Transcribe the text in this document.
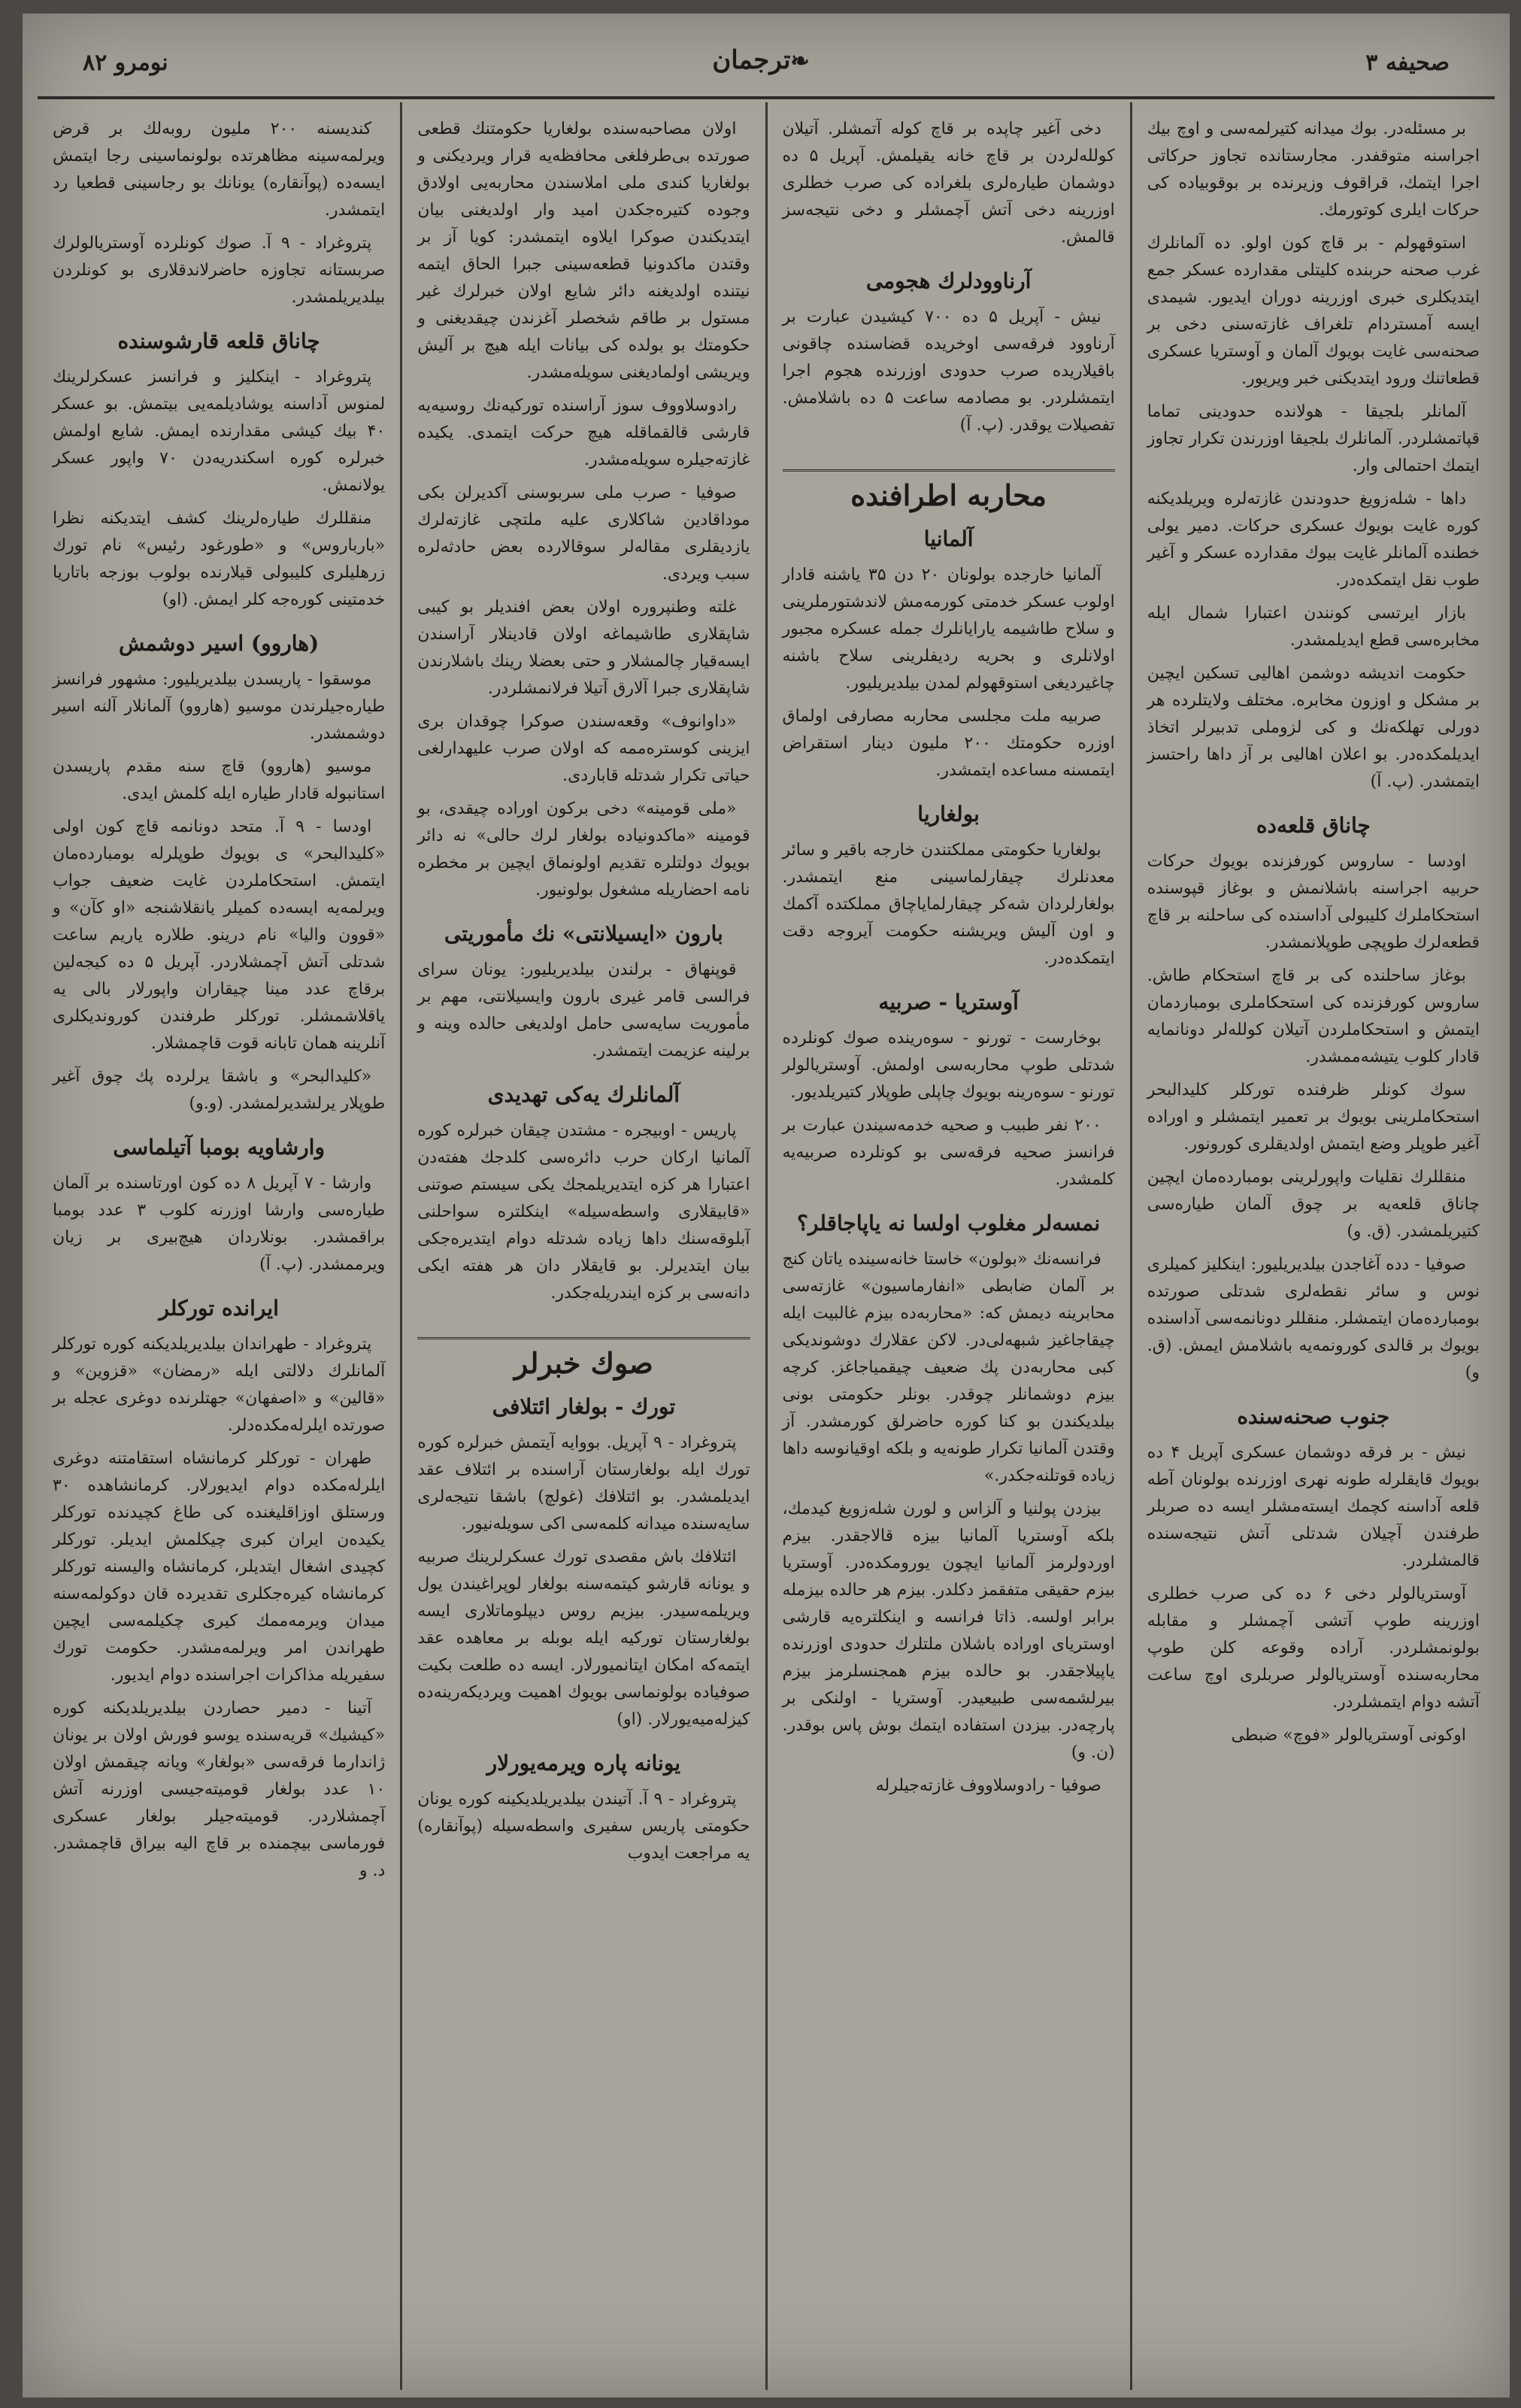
صحيفه ۳
❧ترجمان
نومرو ۸۲

بر مسئله‌در. بوك ميدانه كتيرلمه‌سى و اوچ بيك اجراسنه متوقفدر. مجارستانده تجاوز حركاتى اجرا ايتمك، قراقوف وزيرنده بر بوقوبياده كى حركات ايلرى كوتورمك.

استوقهولم - بر قاچ كون اولو. ده آلمانلرك غرب صحنه حربنده كليتلى مقدارده عسكر جمع ايتديكلرى خبرى اوزرينه دوران ايديور. شيمدى ايسه آمستردام تلغراف غازته‌سنى دخى بر صحنه‌سى غايت بويوك آلمان و آوستريا عسكرى قطعاتنك ورود ايتديكنى خبر ويريور.

آلمانلر بلجيقا - هولانده حدودينى تماما قپاتمشلردر. آلمانلرك بلجيقا اوزرندن تكرار تجاوز ايتمك احتمالى وار.

داها - شله‌زويغ حدودندن غازته‌لره ويريلديكنه كوره غايت بويوك عسكرى حركات. دمير يولى خطنده آلمانلر غايت بيوك مقدارده عسكر و آغير طوب نقل ايتمكده‌در.

بازار ايرتسى كونندن اعتبارا شمال ايله مخابره‌سى قطع ايديلمشدر.

حكومت انديشه دوشمن اهاليى تسكين ايچين بر مشكل و اوزون مخابره. مختلف ولايتلرده هر دورلى تهلكه‌نك و كى لزوملى تدبيرلر اتخاذ ايديلمكده‌در. بو اعلان اهاليى بر آز داها راحتسز ايتمشدر. (پ. آ)

چاناق قلعه‌ده

اودسا - ساروس كورفزنده بويوك حركات حربيه اجراسنه باشلانمش و بوغاز قپوسنده استحكاملرك كليبولى آداسنده كى ساحلنه بر قاچ قطعه‌لرك طوپچى طوپلانمشدر.

بوغاز ساحلنده كى بر قاچ استحكام طاش. ساروس كورفزنده كى استحكاملرى بومباردمان ايتمش و استحكاملردن آتيلان كولله‌لر دونانمايه قادار كلوب يتيشه‌ممشدر.

سوك كونلر ظرفنده توركلر كليدالبحر استحكاملرينى بويوك بر تعمير ايتمشلر و اوراده آغير طوپلر وضع ايتمش اولديقلرى كورونور.

منقللرك نقليات واپورلرينى بومبارده‌مان ايچين چاناق قلعه‌يه بر چوق آلمان طياره‌سى كتيريلمشدر. (ق. و)

صوفيا - دده آغاجدن بيلديريليور: اينكليز كميلرى نوس و سائر نقطه‌لرى شدتلى صورتده بومبارده‌مان ايتمشلر. منقللر دونانمه‌سى آداسنده بويوك بر قالدى كورونمه‌يه باشلامش ايمش. (ق. و)

جنوب صحنه‌سنده

نيش - بر فرقه دوشمان عسكرى آپريل ۴ ده بويوك قايقلرله طونه نهرى اوزرنده بولونان آطه قلعه آداسنه كچمك ايسته‌مشلر ايسه ده صربلر طرفندن آچيلان شدتلى آتش نتيجه‌سنده قالمشلردر.

آوستريالولر دخى ۶ ده كى صرب خطلرى اوزرينه طوپ آتشى آچمشلر و مقابله بولونمشلردر. آراده وقوعه كلن طوپ محاربه‌سنده آوستريالولر صربلرى اوچ ساعت آتشه دوام ايتمشلردر.

اوكونى آوستريالولر «فوچ» ضبطى

دخى آغير چاپده بر قاچ كوله آتمشلر. آتيلان كولله‌لردن بر قاچ خانه يقيلمش. آپريل ۵ ده دوشمان طياره‌لرى بلغراده كى صرب خطلرى اوزرينه دخى آتش آچمشلر و دخى نتيجه‌سز قالمش.

آرناوودلرك هجومى

نيش - آپريل ۵ ده ۷۰۰ كيشيدن عبارت بر آرناوود فرقه‌سى اوخريده قضاسنده چاقونى باقيلاريده صرب حدودى اوزرنده هجوم اجرا ايتمشلردر. بو مصادمه ساعت ۵ ده باشلامش. تفصيلات يوقدر. (پ. آ)

محاربه اطرافنده
آلمانيا

آلمانيا خارجده بولونان ۲۰ دن ۳۵ ياشنه قادار اولوب عسكر خدمتى كورمه‌مش لاندشتورملرينى و سلاح طاشيمه يارايانلرك جمله عسكره مجبور اولانلرى و بحريه رديفلرينى سلاح باشنه چاغيرديغى استوقهولم لمدن بيلديريليور.

صربيه ملت مجلسى محاربه مصارفى اولماق اوزره حكومتك ۲۰۰ مليون دينار استقراض ايتمسنه مساعده ايتمشدر.

بولغاريا

بولغاريا حكومتى مملكتندن خارجه باقير و سائر معدنلرك چيقارلماسينى منع ايتمشدر. بولغارلردان شه‌كر چيقارلماياچاق مملكتده آكمك و اون آليش ويريشنه حكومت آيروجه دقت ايتمكده‌در.

آوستريا - صربيه

بوخارست - تورنو - سوه‌رينده صوك كونلرده شدتلى طوپ محاربه‌سى اولمش. آوستريالولر تورنو - سوه‌رينه بويوك چاپلى طوپلار كتيريلديور.

۲۰۰ نفر طبيب و صحيه خدمه‌سيندن عبارت بر فرانسز صحيه فرقه‌سى بو كونلرده صربيه‌يه كلمشدر.

نمسه‌لر مغلوب اولسا نه ياپاجاقلر؟

فرانسه‌نك «بولون» خاستا خانه‌سينده ياتان كنج بر آلمان ضابطى «انفارماسيون» غازته‌سى محابرينه ديمش كه: «محاربه‌ده بيزم غالبيت ايله چيقاجاغيز شبهه‌لى‌در. لاكن عقلارك دوشونديكى كبى محاربه‌دن پك ضعيف چيقمياجاغز. كرچه بيزم دوشمانلر چوقدر. بونلر حكومتى بونى بيلديكندن بو كنا كوره حاضرلق كورمشدر. آز وقتدن آلمانيا تكرار طونه‌يه و بلكه اوقيانوسه داها زياده قوتلنه‌جكدر.»

بيزدن پولنيا و آلزاس و لورن شله‌زويغ كيدمك، بلكه آوستريا آلمانيا بيزه قالاجقدر. بيزم اوردولرمز آلمانيا ايچون يورومكده‌در. آوستريا بيزم حقيقى متفقمز دكلدر. بيزم هر حالده بيزمله برابر اولسه. ذاتا فرانسه و اينكلتره‌يه قارشى اوسترياى اوراده باشلان ملتلرك حدودى اوزرنده ياپيلاجقدر. بو حالده بيزم همجنسلرمز بيزم بيرلشمه‌سى طبيعيدر. آوستريا - اولنكى بر پارچه‌در. بيزدن استفاده ايتمك بوش پاس بوقدر. (ن. و)

صوفيا - رادوسلاووف غازته‌جيلرله

اولان مصاحبه‌سنده بولغاريا حكومتنك قطعى صورتده بى‌طرفلغى محافظه‌يه قرار ويرديكنى و بولغاريا كندى ملى املاسندن محاربه‌يى اولادق وجوده كتيره‌جكدن اميد وار اولديغنى بيان ايتديكندن صوكرا ايلاوه ايتمشدر: كويا آز بر وقتدن ماكدونيا قطعه‌سينى جبرا الحاق ايتمه نيتنده اولديغنه دائر شايع اولان خبرلرك غير مستول بر طاقم شخصلر آغزندن چيقديغنى و حكومتك بو بولده كى بيانات ايله هيچ بر آليش ويريشى اولماديغنى سويله‌مشدر.

رادوسلاووف سوز آراسنده توركيه‌نك روسيه‌يه قارشى قالقماقله هيچ حركت ايتمدى. يكيده غازته‌جيلره سويله‌مشدر.

صوفيا - صرب ملى سربوسنى آكديرلن بكى موداقادين شاكلارى عليه ملتچى غازته‌لرك يازديقلرى مقاله‌لر سوقالارده بعض حادثه‌لره سبب ويردى.

غلته وطنپروره اولان بعض افنديلر بو كيبى شاپقلارى طاشيماغه اولان قادينلار آراسندن ايسه‌قيار چالمشلار و حتى بعضلا رينك باشلارندن شاپقلارى جبرا آلارق آتيلا فرلانمشلردر.

«داوانوف» وقعه‌سندن صوكرا چوقدان برى ايزينى كوستره‌ممه كه اولان صرب عليهدارلغى حياتى تكرار شدتله قاباردى.

«ملى قومينه» دخى بركون اوراده چيقدى، بو قومينه «ماكدونياده بولغار لرك حالى» نه دائر بويوك دولتلره تقديم اولونماق ايچين بر مخطره نامه احضاريله مشغول بولونيور.

بارون «ايسيلانتى» نك مأموريتى

قوپنهاق - برلندن بيلديريليور: يونان سراى فرالسى قامر غيرى بارون وايسيلانتى، مهم بر مأموريت سايه‌سى حامل اولديغى حالده وينه و برلينه عزيمت ايتمشدر.

آلمانلرك يه‌كى تهديدى

پاريس - اوبيجره - مشتدن چيقان خبرلره كوره آلمانيا اركان حرب دائره‌سى كلدجك هفته‌دن اعتبارا هر كزه ايتديريلمجك يكى سيستم صوتنى «قابيقلارى واسطه‌سيله» اينكلتره سواحلنى آبلوقه‌سنك داها زياده شدتله دوام ايتديره‌جكى بيان ايتديرلر. بو قايقلار دان هر هفته ايكى دانه‌سى بر كزه ايندريله‌جكدر.

صوك خبرلر
تورك - بولغار ائتلافى

پتروغراد - ۹ آپريل. بووايه آيتمش خبرلره كوره تورك ايله بولغارستان آراسنده بر ائتلاف عقد ايديلمشدر. بو ائتلافك (غولچ) باشقا نتيجه‌لرى سايه‌سنده ميدانه كلمه‌سى اكى سويله‌نيور.

ائتلافك باش مقصدى تورك عسكرلرينك صربيه و يونانه قارشو كيتمه‌سنه بولغار لوپراغيندن يول ويريلمه‌سيدر. بيزيم روس ديپلوماتلارى ايسه بولغارستان توركيه ايله بوبله بر معاهده عقد ايتمه‌كه امكان ايتانميورلار. ايسه ده طلعت بكيت صوفياده بولونماسى بويوك اهميت ويرديكه‌رينه‌ده كيزله‌ميه‌يورلار. (او)

يونانه پاره ويرمه‌يورلار

پتروغراد - ۹ آ. آتيندن بيلديريلديكينه كوره يونان حكومتى پاريس سفيرى واسطه‌سيله (پوآنقاره) يه مراجعت ايدوب

كنديسنه ۲۰۰ مليون روبه‌لك بر قرض ويرلمه‌سينه مظاهرتده بولونماسينى رجا ايتمش ايسه‌ده (پوآنقاره) يونانك بو رجاسينى قطعيا رد ايتمشدر.

پتروغراد - ۹ آ. صوك كونلرده آوستريالولرك صربستانه تجاوزه حاضرلاندقلارى بو كونلردن بيلديريلمشدر.

چاناق قلعه قارشوسنده

پتروغراد - اينكليز و فرانسز عسكرلرينك لمنوس آداسنه يوشاديلمه‌يى بيتمش. بو عسكر ۴۰ بيك كيشى مقدارنده ايمش. شايع اولمش خبرلره كوره اسكندريه‌دن ۷۰ واپور عسكر يولانمش.

منقللرك طياره‌لرينك كشف ايتديكنه نظرا «بارباروس» و «طورغود رئيس» نام تورك زرهليلرى كليبولى قيلارنده بولوب بوزجه باتاريا خدمتينى كوره‌جه كلر ايمش. (او)

(هاروو) اسير دوشمش

موسقوا - پاريسدن بيلديريليور: مشهور فرانسز طياره‌جيلرندن موسيو (هاروو) آلمانلار آلنه اسير دوشمشدر.

موسيو (هاروو) قاچ سنه مقدم پاريسدن استانبوله قادار طياره ايله كلمش ايدى.

اودسا - ۹ آ. متحد دونانمه قاچ كون اولى «كليدالبحر» ى بويوك طوپلرله بومبارده‌مان ايتمش. استحكاملردن غايت ضعيف جواب ويرلمه‌يه ايسه‌ده كميلر يانقلاشنجه «او كآن» و «قوون واليا» نام درينو. طلاره ياريم ساعت شدتلى آتش آچمشلاردر. آپريل ۵ ده كيجه‌لين برقاچ عدد مينا چيقاران واپورلار بالى يه ياقلاشمشلر. توركلر طرفندن كورونديكلرى آنلرينه همان تابانه قوت قاچمشلار.

«كليدالبحر» و باشقا يرلرده پك چوق آغير طوپلار يرلشديرلمشدر. (و.و)

وارشاويه بومبا آتيلماسى

وارشا - ۷ آپريل ۸ ده كون اورتاسنده بر آلمان طياره‌سى وارشا اوزرنه كلوب ۳ عدد بومبا براقمشدر. بونلاردان هيچ‌بيرى بر زيان ويرممشدر. (پ. آ)

ايرانده توركلر

پتروغراد - طهراندان بيلديريلديكنه كوره توركلر آلمانلرك دلالتى ايله «رمضان» «قزوين» و «قالين» و «اصفهان» جهتلرنده دوغرى عجله بر صورتده ايلرله‌مكده‌دلر.

طهران - توركلر كرمانشاه استقامتنه دوغرى ايلرله‌مكده دوام ايديورلار. كرمانشاهده ۳۰ ورستلق اوزاقليغنده كى طاغ كچيدنده توركلر يكيده‌ن ايران كبرى چيكلمش ايديلر. توركلر كچيدى اشغال ايتديلر، كرمانشاه واليسنه توركلر كرمانشاه كيره‌جكلرى تقديرده قان دوكولمه‌سنه ميدان ويرمه‌ممك كيرى چكيلمه‌سى ايچين طهراندن امر ويرلمه‌مشدر. حكومت تورك سفيريله مذاكرات اجراسنده دوام ايديور.

آتينا - دمير حصاردن بيلديريلديكنه كوره «كيشيك» قريه‌سنده يوسو فورش اولان بر يونان ژاندارما فرقه‌سى «بولغار» ويانه چيقمش اولان ۱۰ عدد بولغار قوميته‌جيسى اوزرنه آتش آچمشلاردر. قوميته‌جيلر بولغار عسكرى فورماسى بيچمنده بر قاچ اليه بيراق قاچمشدر. د. و
